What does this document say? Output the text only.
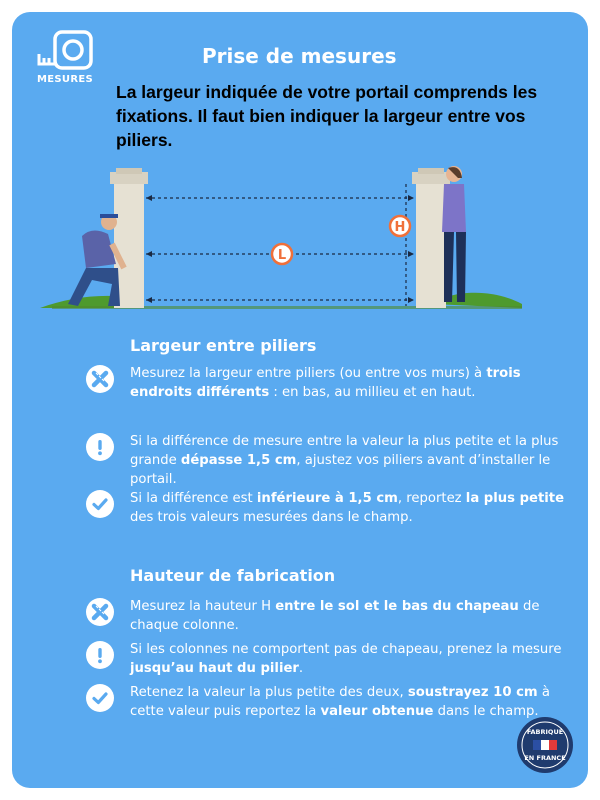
MESURES
Prise de mesures
La largeur indiquée de votre portail comprends les fixations. Il faut bien indiquer la largeur entre vos piliers.
L
H
Largeur entre piliers
Mesurez la largeur entre piliers (ou entre vos murs) à trois endroits différents : en bas, au millieu et en haut.
Si la différence de mesure entre la valeur la plus petite et la plus grande dépasse 1,5 cm, ajustez vos piliers avant d’installer le portail.
Si la différence est inférieure à 1,5 cm, reportez la plus petite des trois valeurs mesurées dans le champ.
Hauteur de fabrication
Mesurez la hauteur H entre le sol et le bas du chapeau de chaque colonne.
Si les colonnes ne comportent pas de chapeau, prenez la mesure jusqu’au haut du pilier.
Retenez la valeur la plus petite des deux, soustrayez 10 cm à cette valeur puis reportez la valeur obtenue dans le champ.
FABRIQUÉ
EN FRANCE
